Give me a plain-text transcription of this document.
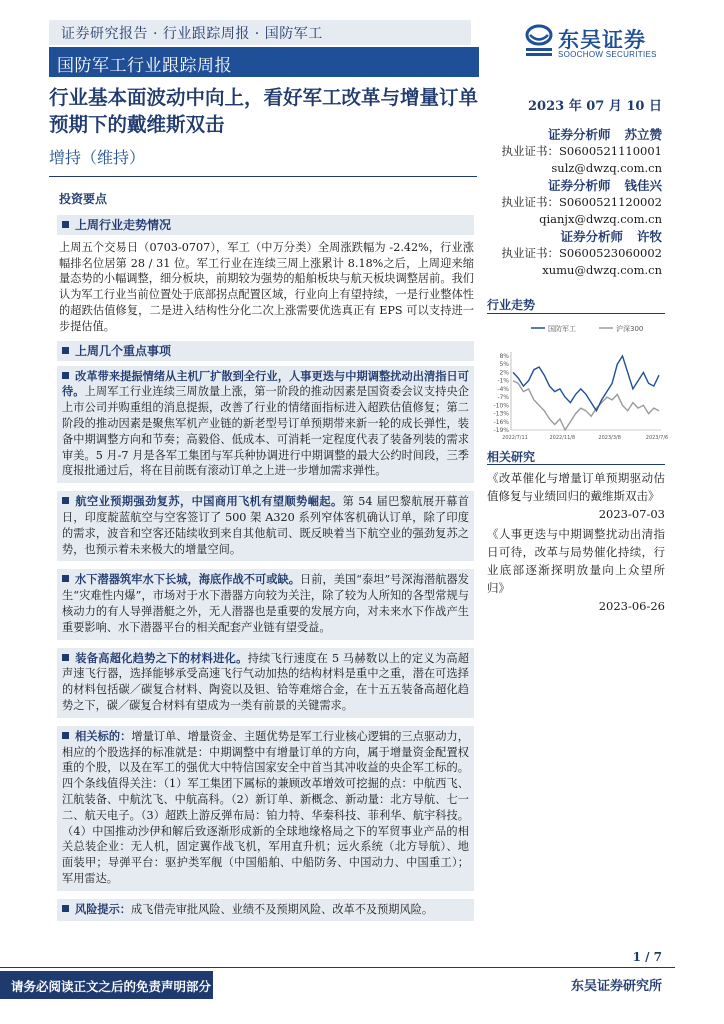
证券研究报告 · 行业跟踪周报 · 国防军工
国防军工行业跟踪周报
东吴证券
SOOCHOW SECURITIES
行业基本面波动中向上，看好军工改革与增量订单预期下的戴维斯双击
增持（维持）
2023 年 07 月 10 日
证券分析师 苏立赞
执业证书：S0600521110001
sulz@dwzq.com.cn
证券分析师 钱佳兴
执业证书：S0600521120002
qianjx@dwzq.com.cn
证券分析师 许牧
执业证书：S0600523060002
xumu@dwzq.com.cn
投资要点
上周行业走势情况
上周五个交易日（0703-0707），军工（中万分类）全周涨跌幅为 -2.42%，行业涨幅排名位居第 28 / 31 位。军工行业在连续三周上涨累计 8.18%之后，上周迎来缩量态势的小幅调整，细分板块，前期较为强势的船舶板块与航天板块调整居前。我们认为军工行业当前位置处于底部拐点配置区域，行业向上有望持续，一是行业整体性的超跌估值修复，二是进入结构性分化二次上涨需要优选真正有 EPS 可以支持进一步提估值。
上周几个重点事项
改革带来提振情绪从主机厂扩散到全行业，人事更迭与中期调整扰动出清指日可待。上周军工行业连续三周放量上涨，第一阶段的推动因素是国资委会议支持央企上市公司并购重组的消息提振，改善了行业的情绪面指标进入超跌估值修复；第二阶段的推动因素是聚焦军机产业链的新老型号订单预期带来新一轮的成长弹性，装备中期调整方向和节奏；高毅俗、低成本、可消耗一定程度代表了装备列装的需求审美。5 月-7 月是各军工集团与军兵种协调进行中期调整的最大公约时间段，三季度报批通过后，将在目前既有滚动订单之上进一步增加需求弹性。
航空业预期强劲复苏，中国商用飞机有望顺势崛起。第 54 届巴黎航展开幕首日，印度靛蓝航空与空客签订了 500 架 A320 系列窄体客机确认订单，除了印度的需求，波音和空客还陆续收到来自其他航司、既反映着当下航空业的强劲复苏之势，也预示着未来极大的增量空间。
水下潜器筑牢水下长城，海底作战不可或缺。日前，美国“泰坦”号深海潜航器发生“灾难性内爆”，市场对于水下潜器方向较为关注，除了较为人所知的各型常规与核动力的有人导弹潜艇之外，无人潜器也是重要的发展方向，对未来水下作战产生重要影响、水下潜器平台的相关配套产业链有望受益。
装备高超化趋势之下的材料进化。持续飞行速度在 5 马赫数以上的定义为高超声速飞行器，选择能够承受高速飞行气动加热的结构材料是重中之重，潜在可选择的材料包括碳／碳复合材料、陶瓷以及钽、铪等难熔合金，在十五五装备高超化趋势之下，碳／碳复合材料有望成为一类有前景的关键需求。
相关标的：增量订单、增量资金、主题优势是军工行业核心逻辑的三点驱动力，相应的个股选择的标准就是：中期调整中有增量订单的方向，属于增量资金配置权重的个股，以及在军工的强优大中特信国家安全中首当其冲收益的央企军工标的。四个条线值得关注：（1）军工集团下属标的兼顾改革增效可挖掘的点：中航西飞、江航装备、中航沈飞、中航高科。（2）新订单、新概念、新动量：北方导航、七一二、航天电子。（3）超跌上游反弹布局：铂力特、华秦科技、菲利华、航宇科技。（4）中国推动沙伊和解后致逐渐形成新的全球地缘格局之下的军贸事业产品的相关总装企业：无人机，固定翼作战飞机，军用直升机；远火系统（北方导航）、地面装甲；导弹平台：驱护类军舰（中国船舶、中船防务、中国动力、中国重工）；军用雷达。
风险提示：成飞借壳审批风险、业绩不及预期风险、改革不及预期风险。
行业走势
国防军工	沪深300
8%
5%
2%
-1%
-4%
-7%
-10%
-13%
-16%
-19%
2022/7/11	2022/11/8	2023/3/8	2023/7/6
相关研究
《改革催化与增量订单预期驱动估值修复与业绩回归的戴维斯双击》
2023-07-03
《人事更迭与中期调整扰动出清指日可待，改革与局势催化持续，行业底部逐渐探明放量向上众望所归》
2023-06-26
1 / 7
请务必阅读正文之后的免责声明部分	东吴证券研究所
